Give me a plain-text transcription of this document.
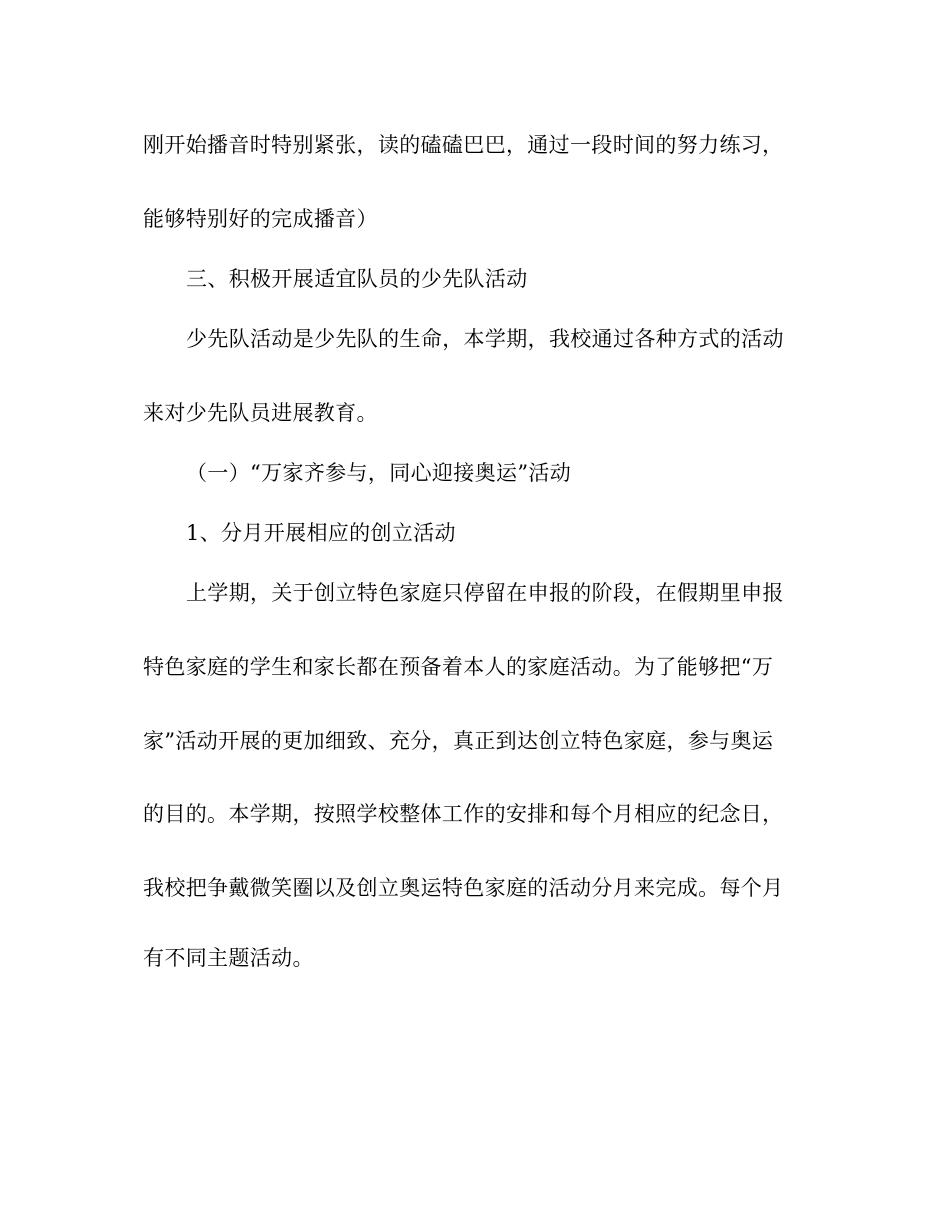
刚开始播音时特别紧张，读的磕磕巴巴，通过一段时间的努力练习，
能够特别好的完成播音）
三、积极开展适宜队员的少先队活动
少先队活动是少先队的生命，本学期，我校通过各种方式的活动
来对少先队员进展教育。
（一）“万家齐参与，同心迎接奥运”活动
1、分月开展相应的创立活动
上学期，关于创立特色家庭只停留在申报的阶段，在假期里申报
特色家庭的学生和家长都在预备着本人的家庭活动。为了能够把“万
家”活动开展的更加细致、充分，真正到达创立特色家庭，参与奥运
的目的。本学期，按照学校整体工作的安排和每个月相应的纪念日，
我校把争戴微笑圈以及创立奥运特色家庭的活动分月来完成。每个月
有不同主题活动。
